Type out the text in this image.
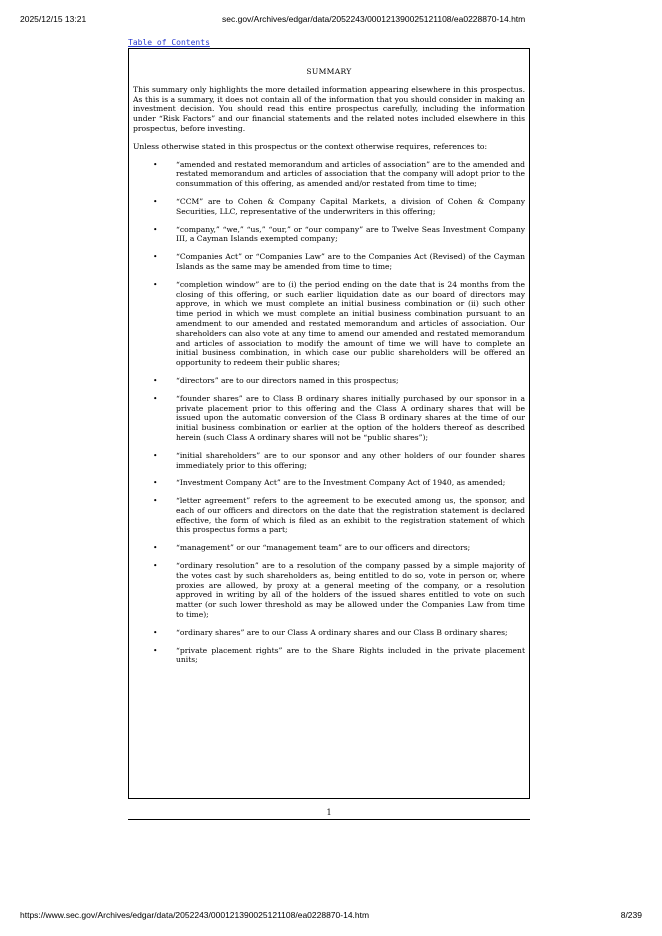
2025/12/15 13:21	sec.gov/Archives/edgar/data/2052243/000121390025121108/ea0228870-14.htm
Table of Contents
SUMMARY

This summary only highlights the more detailed information appearing elsewhere in this prospectus. As this is a summary, it does not contain all of the information that you should consider in making an investment decision. You should read this entire prospectus carefully, including the information under “Risk Factors” and our financial statements and the related notes included elsewhere in this prospectus, before investing.

Unless otherwise stated in this prospectus or the context otherwise requires, references to:

• “amended and restated memorandum and articles of association” are to the amended and restated memorandum and articles of association that the company will adopt prior to the consummation of this offering, as amended and/or restated from time to time;
• “CCM” are to Cohen & Company Capital Markets, a division of Cohen & Company Securities, LLC, representative of the underwriters in this offering;
• “company,” “we,” “us,” “our,” or “our company” are to Twelve Seas Investment Company III, a Cayman Islands exempted company;
• “Companies Act” or “Companies Law” are to the Companies Act (Revised) of the Cayman Islands as the same may be amended from time to time;
• “completion window” are to (i) the period ending on the date that is 24 months from the closing of this offering, or such earlier liquidation date as our board of directors may approve, in which we must complete an initial business combination or (ii) such other time period in which we must complete an initial business combination pursuant to an amendment to our amended and restated memorandum and articles of association. Our shareholders can also vote at any time to amend our amended and restated memorandum and articles of association to modify the amount of time we will have to complete an initial business combination, in which case our public shareholders will be offered an opportunity to redeem their public shares;
• “directors” are to our directors named in this prospectus;
• “founder shares” are to Class B ordinary shares initially purchased by our sponsor in a private placement prior to this offering and the Class A ordinary shares that will be issued upon the automatic conversion of the Class B ordinary shares at the time of our initial business combination or earlier at the option of the holders thereof as described herein (such Class A ordinary shares will not be “public shares”);
• “initial shareholders” are to our sponsor and any other holders of our founder shares immediately prior to this offering;
• “Investment Company Act” are to the Investment Company Act of 1940, as amended;
• “letter agreement” refers to the agreement to be executed among us, the sponsor, and each of our officers and directors on the date that the registration statement is declared effective, the form of which is filed as an exhibit to the registration statement of which this prospectus forms a part;
• “management” or our “management team” are to our officers and directors;
• “ordinary resolution” are to a resolution of the company passed by a simple majority of the votes cast by such shareholders as, being entitled to do so, vote in person or, where proxies are allowed, by proxy at a general meeting of the company, or a resolution approved in writing by all of the holders of the issued shares entitled to vote on such matter (or such lower threshold as may be allowed under the Companies Law from time to time);
• “ordinary shares” are to our Class A ordinary shares and our Class B ordinary shares;
• “private placement rights” are to the Share Rights included in the private placement units;
1
https://www.sec.gov/Archives/edgar/data/2052243/000121390025121108/ea0228870-14.htm	8/239
